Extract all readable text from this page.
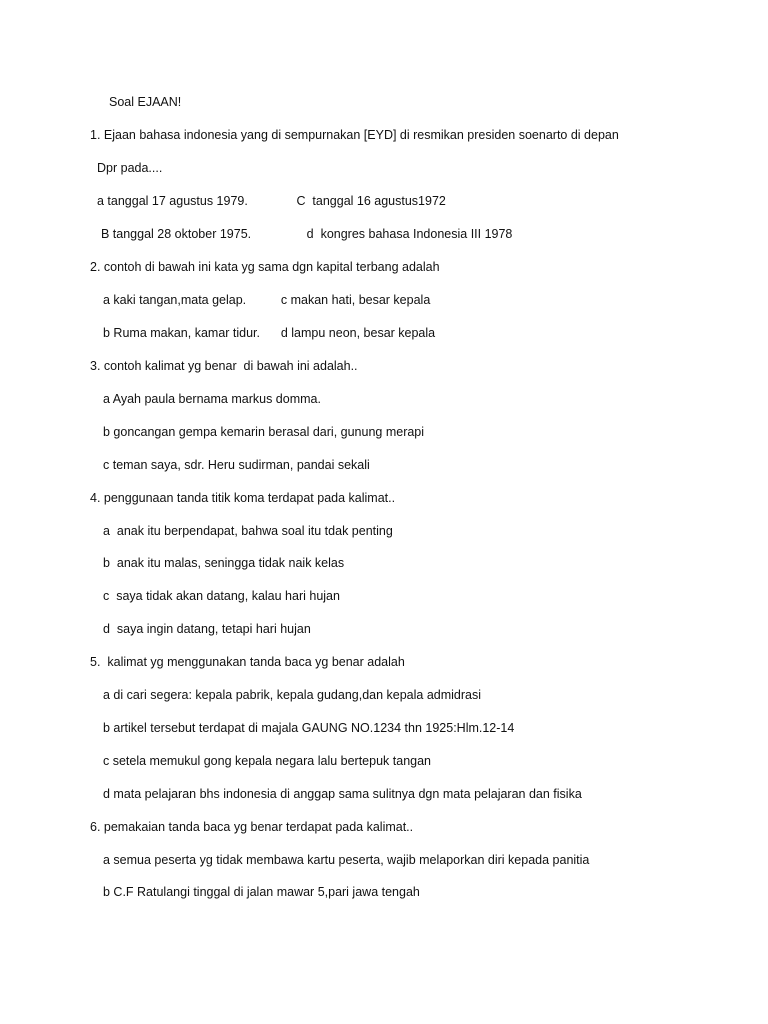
Soal EJAAN!
1. Ejaan bahasa indonesia yang di sempurnakan [EYD] di resmikan presiden soenarto di depan
Dpr pada....
a tanggal 17 agustus 1979.              C  tanggal 16 agustus1972
B tanggal 28 oktober 1975.                d  kongres bahasa Indonesia III 1978
2. contoh di bawah ini kata yg sama dgn kapital terbang adalah
a kaki tangan,mata gelap.          c makan hati, besar kepala
b Ruma makan, kamar tidur.      d lampu neon, besar kepala
3. contoh kalimat yg benar  di bawah ini adalah..
a Ayah paula bernama markus domma.
b goncangan gempa kemarin berasal dari, gunung merapi
c teman saya, sdr. Heru sudirman, pandai sekali
4. penggunaan tanda titik koma terdapat pada kalimat..
a  anak itu berpendapat, bahwa soal itu tdak penting
b  anak itu malas, seningga tidak naik kelas
c  saya tidak akan datang, kalau hari hujan
d  saya ingin datang, tetapi hari hujan
5.  kalimat yg menggunakan tanda baca yg benar adalah
a di cari segera: kepala pabrik, kepala gudang,dan kepala admidrasi
b artikel tersebut terdapat di majala GAUNG NO.1234 thn 1925:Hlm.12-14
c setela memukul gong kepala negara lalu bertepuk tangan
d mata pelajaran bhs indonesia di anggap sama sulitnya dgn mata pelajaran dan fisika
6. pemakaian tanda baca yg benar terdapat pada kalimat..
a semua peserta yg tidak membawa kartu peserta, wajib melaporkan diri kepada panitia
b C.F Ratulangi tinggal di jalan mawar 5,pari jawa tengah
